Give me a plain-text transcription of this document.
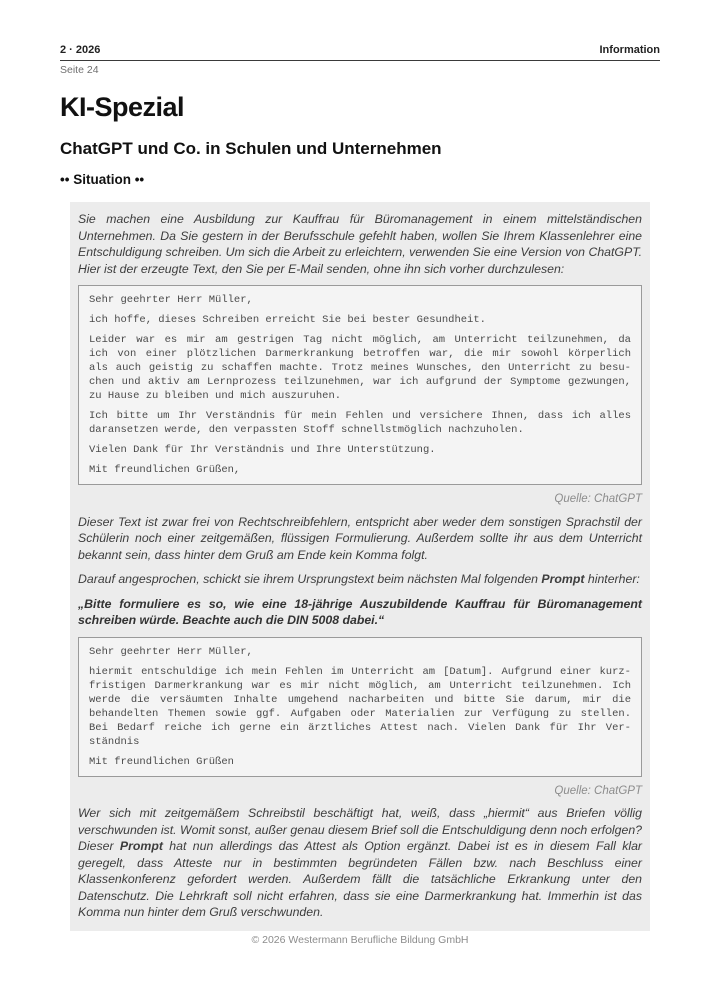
2 · 2026	Information
Seite 24
KI-Spezial
ChatGPT und Co. in Schulen und Unternehmen
•• Situation ••

Sie machen eine Ausbildung zur Kauffrau für Büromanagement in einem mittelständischen Unternehmen. Da Sie gestern in der Berufsschule gefehlt haben, wollen Sie Ihrem Klassenlehrer eine Entschuldigung schreiben. Um sich die Arbeit zu erleichtern, verwenden Sie eine Version von ChatGPT. Hier ist der erzeugte Text, den Sie per E-Mail senden, ohne ihn sich vorher durchzulesen:

Sehr geehrter Herr Müller,
ich hoffe, dieses Schreiben erreicht Sie bei bester Gesundheit.
Leider war es mir am gestrigen Tag nicht möglich, am Unterricht teilzunehmen, da
ich von einer plötzlichen Darmerkrankung betroffen war, die mir sowohl körperlich
als auch geistig zu schaffen machte. Trotz meines Wunsches, den Unterricht zu besu-
chen und aktiv am Lernprozess teilzunehmen, war ich aufgrund der Symptome gezwungen,
zu Hause zu bleiben und mich auszuruhen.
Ich bitte um Ihr Verständnis für mein Fehlen und versichere Ihnen, dass ich alles
daransetzen werde, den verpassten Stoff schnellstmöglich nachzuholen.
Vielen Dank für Ihr Verständnis und Ihre Unterstützung.
Mit freundlichen Grüßen,
Quelle: ChatGPT

Dieser Text ist zwar frei von Rechtschreibfehlern, entspricht aber weder dem sonstigen Sprachstil der Schülerin noch einer zeitgemäßen, flüssigen Formulierung. Außerdem sollte ihr aus dem Unterricht bekannt sein, dass hinter dem Gruß am Ende kein Komma folgt.

Darauf angesprochen, schickt sie ihrem Ursprungstext beim nächsten Mal folgenden Prompt hinterher:

„Bitte formuliere es so, wie eine 18-jährige Auszubildende Kauffrau für Büromanagement schreiben würde. Beachte auch die DIN 5008 dabei.“

Sehr geehrter Herr Müller,
hiermit entschuldige ich mein Fehlen im Unterricht am [Datum]. Aufgrund einer kurz-
fristigen Darmerkrankung war es mir nicht möglich, am Unterricht teilzunehmen. Ich
werde die versäumten Inhalte umgehend nacharbeiten und bitte Sie darum, mir die
behandelten Themen sowie ggf. Aufgaben oder Materialien zur Verfügung zu stellen.
Bei Bedarf reiche ich gerne ein ärztliches Attest nach. Vielen Dank für Ihr Ver-
ständnis
Mit freundlichen Grüßen
Quelle: ChatGPT

Wer sich mit zeitgemäßem Schreibstil beschäftigt hat, weiß, dass „hiermit“ aus Briefen völlig verschwunden ist. Womit sonst, außer genau diesem Brief soll die Entschuldigung denn noch erfolgen? Dieser Prompt hat nun allerdings das Attest als Option ergänzt. Dabei ist es in diesem Fall klar geregelt, dass Atteste nur in bestimmten begründeten Fällen bzw. nach Beschluss einer Klassenkonferenz gefordert werden. Außerdem fällt die tatsächliche Erkrankung unter den Datenschutz. Die Lehrkraft soll nicht erfahren, dass sie eine Darmerkrankung hat. Immerhin ist das Komma nun hinter dem Gruß verschwunden.

© 2026 Westermann Berufliche Bildung GmbH
